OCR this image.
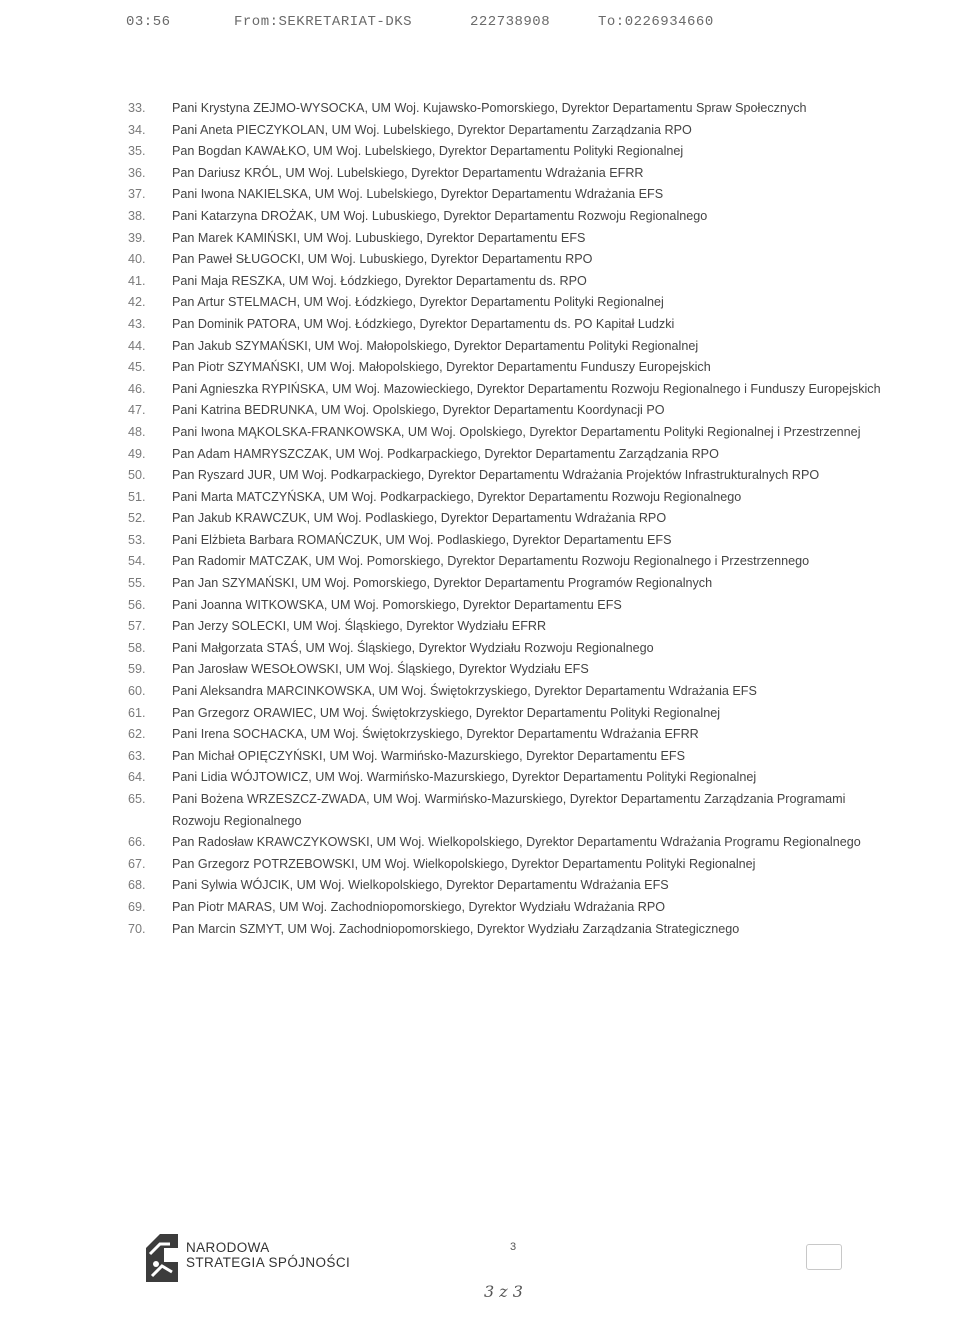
03:56	From:SEKRETARIAT-DKS	222738908	To:0226934660
33.	Pani Krystyna ZEJMO-WYSOCKA, UM Woj. Kujawsko-Pomorskiego, Dyrektor Departamentu Spraw Społecznych
34.	Pani Aneta PIECZYKOLAN, UM Woj. Lubelskiego, Dyrektor Departamentu Zarządzania RPO
35.	Pan Bogdan KAWAŁKO, UM Woj. Lubelskiego, Dyrektor Departamentu Polityki Regionalnej
36.	Pan Dariusz KRÓL, UM Woj. Lubelskiego, Dyrektor Departamentu Wdrażania EFRR
37.	Pani Iwona NAKIELSKA, UM Woj. Lubelskiego, Dyrektor Departamentu Wdrażania EFS
38.	Pani Katarzyna DROŻAK, UM Woj. Lubuskiego, Dyrektor Departamentu Rozwoju Regionalnego
39.	Pan Marek KAMIŃSKI, UM Woj. Lubuskiego, Dyrektor Departamentu EFS
40.	Pan Paweł SŁUGOCKI, UM Woj. Lubuskiego, Dyrektor Departamentu RPO
41.	Pani Maja RESZKA, UM Woj. Łódzkiego, Dyrektor Departamentu ds. RPO
42.	Pan Artur STELMACH, UM Woj. Łódzkiego, Dyrektor Departamentu Polityki Regionalnej
43.	Pan Dominik PATORA, UM Woj. Łódzkiego, Dyrektor Departamentu ds. PO Kapitał Ludzki
44.	Pan Jakub SZYMAŃSKI, UM Woj. Małopolskiego, Dyrektor Departamentu Polityki Regionalnej
45.	Pan Piotr SZYMAŃSKI, UM Woj. Małopolskiego, Dyrektor Departamentu Funduszy Europejskich
46.	Pani Agnieszka RYPIŃSKA, UM Woj. Mazowieckiego, Dyrektor Departamentu Rozwoju Regionalnego i Funduszy Europejskich
47.	Pani Katrina BEDRUNKA, UM Woj. Opolskiego, Dyrektor Departamentu Koordynacji PO
48.	Pani Iwona MĄKOLSKA-FRANKOWSKA, UM Woj. Opolskiego, Dyrektor Departamentu Polityki Regionalnej i Przestrzennej
49.	Pan Adam HAMRYSZCZAK, UM Woj. Podkarpackiego, Dyrektor Departamentu Zarządzania RPO
50.	Pan Ryszard JUR, UM Woj. Podkarpackiego, Dyrektor Departamentu Wdrażania Projektów Infrastrukturalnych RPO
51.	Pani Marta MATCZYŃSKA, UM Woj. Podkarpackiego, Dyrektor Departamentu Rozwoju Regionalnego
52.	Pan Jakub KRAWCZUK, UM Woj. Podlaskiego, Dyrektor Departamentu Wdrażania RPO
53.	Pani Elżbieta Barbara ROMAŃCZUK, UM Woj. Podlaskiego, Dyrektor Departamentu EFS
54.	Pan Radomir MATCZAK, UM Woj. Pomorskiego, Dyrektor Departamentu Rozwoju Regionalnego i Przestrzennego
55.	Pan Jan SZYMAŃSKI, UM Woj. Pomorskiego, Dyrektor Departamentu Programów Regionalnych
56.	Pani Joanna WITKOWSKA, UM Woj. Pomorskiego, Dyrektor Departamentu EFS
57.	Pan Jerzy SOLECKI, UM Woj. Śląskiego, Dyrektor Wydziału EFRR
58.	Pani Małgorzata STAŚ, UM Woj. Śląskiego, Dyrektor Wydziału Rozwoju Regionalnego
59.	Pan Jarosław WESOŁOWSKI, UM Woj. Śląskiego, Dyrektor Wydziału EFS
60.	Pani Aleksandra MARCINKOWSKA, UM Woj. Świętokrzyskiego, Dyrektor Departamentu Wdrażania EFS
61.	Pan Grzegorz ORAWIEC, UM Woj. Świętokrzyskiego, Dyrektor Departamentu Polityki Regionalnej
62.	Pani Irena SOCHACKA, UM Woj. Świętokrzyskiego, Dyrektor Departamentu Wdrażania EFRR
63.	Pan Michał OPIĘCZYŃSKI, UM Woj. Warmińsko-Mazurskiego, Dyrektor Departamentu EFS
64.	Pani Lidia WÓJTOWICZ, UM Woj. Warmińsko-Mazurskiego, Dyrektor Departamentu Polityki Regionalnej
65.	Pani Bożena WRZESZCZ-ZWADA, UM Woj. Warmińsko-Mazurskiego, Dyrektor Departamentu Zarządzania Programami Rozwoju Regionalnego
66.	Pan Radosław KRAWCZYKOWSKI, UM Woj. Wielkopolskiego, Dyrektor Departamentu Wdrażania Programu Regionalnego
67.	Pan Grzegorz POTRZEBOWSKI, UM Woj. Wielkopolskiego, Dyrektor Departamentu Polityki Regionalnej
68.	Pani Sylwia WÓJCIK, UM Woj. Wielkopolskiego, Dyrektor Departamentu Wdrażania EFS
69.	Pan Piotr MARAS, UM Woj. Zachodniopomorskiego, Dyrektor Wydziału Wdrażania RPO
70.	Pan Marcin SZMYT, UM Woj. Zachodniopomorskiego, Dyrektor Wydziału Zarządzania Strategicznego
NARODOWA
STRATEGIA SPÓJNOŚCI
3
3 z 3
